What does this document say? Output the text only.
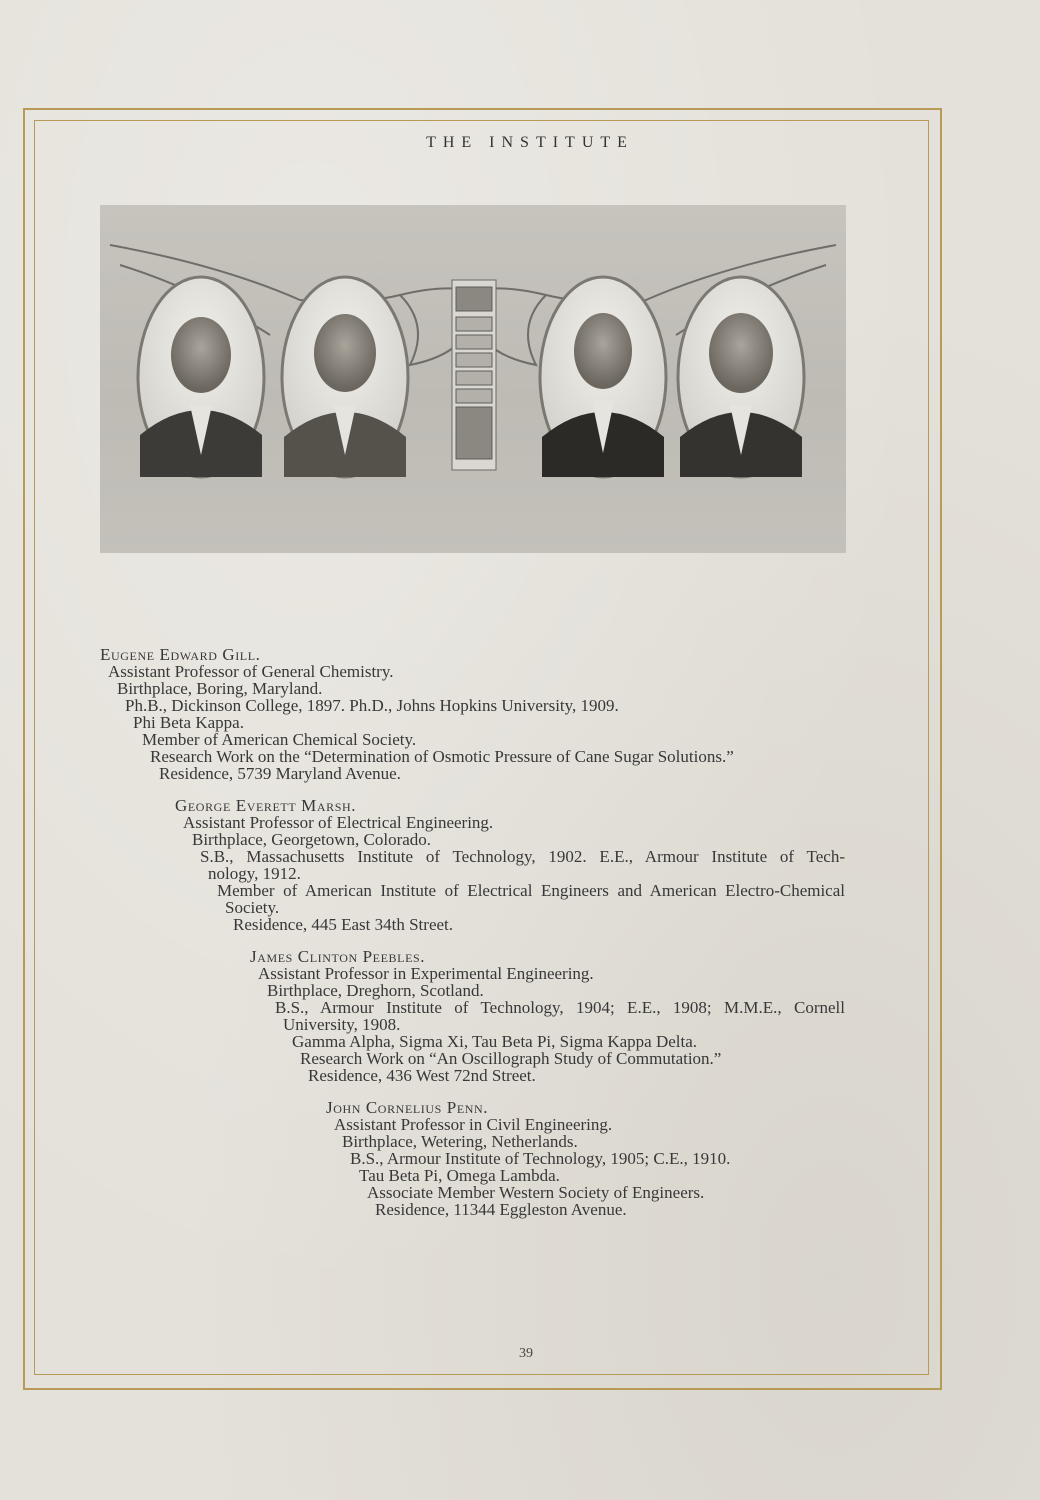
THE INSTITUTE
Eugene Edward Gill.
Assistant Professor of General Chemistry.
Birthplace, Boring, Maryland.
Ph.B., Dickinson College, 1897. Ph.D., Johns Hopkins University, 1909.
Phi Beta Kappa.
Member of American Chemical Society.
Research Work on the “Determination of Osmotic Pressure of Cane Sugar Solutions.”
Residence, 5739 Maryland Avenue.
George Everett Marsh.
Assistant Professor of Electrical Engineering.
Birthplace, Georgetown, Colorado.
S.B., Massachusetts Institute of Technology, 1902. E.E., Armour Institute of Tech-
nology, 1912.
Member of American Institute of Electrical Engineers and American Electro-Chemical
Society.
Residence, 445 East 34th Street.
James Clinton Peebles.
Assistant Professor in Experimental Engineering.
Birthplace, Dreghorn, Scotland.
B.S., Armour Institute of Technology, 1904; E.E., 1908; M.M.E., Cornell
University, 1908.
Gamma Alpha, Sigma Xi, Tau Beta Pi, Sigma Kappa Delta.
Research Work on “An Oscillograph Study of Commutation.”
Residence, 436 West 72nd Street.
John Cornelius Penn.
Assistant Professor in Civil Engineering.
Birthplace, Wetering, Netherlands.
B.S., Armour Institute of Technology, 1905; C.E., 1910.
Tau Beta Pi, Omega Lambda.
Associate Member Western Society of Engineers.
Residence, 11344 Eggleston Avenue.
39
